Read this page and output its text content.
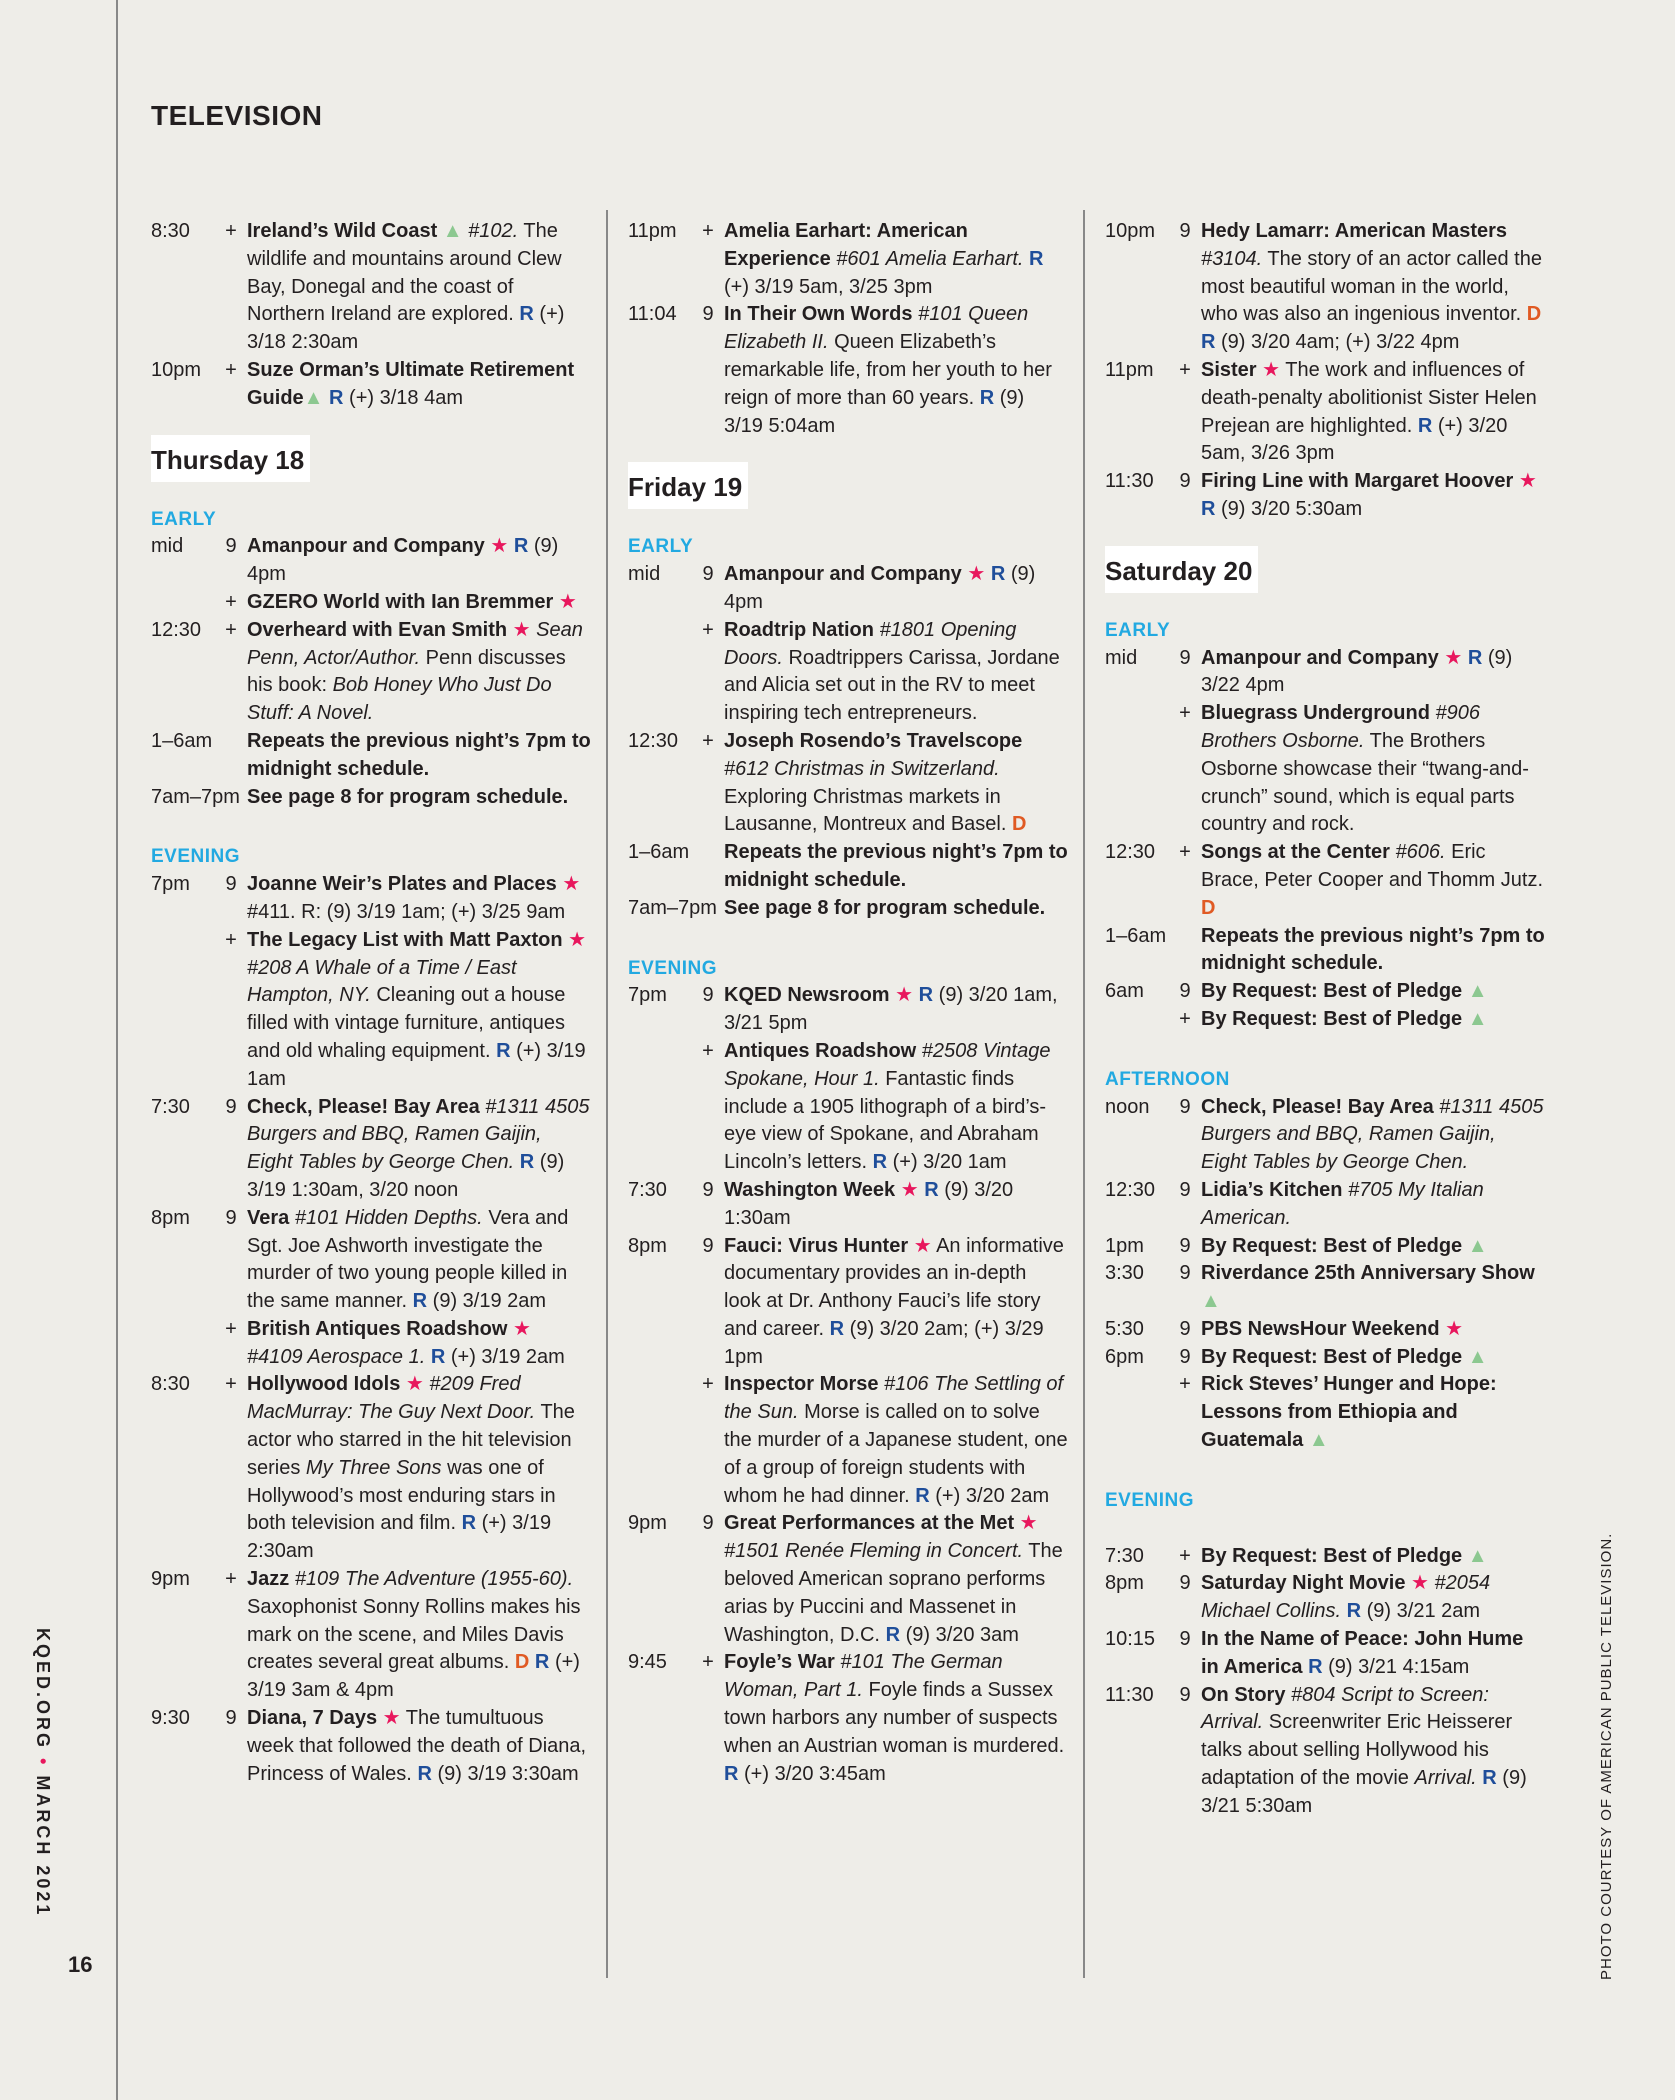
KQED.ORG • MARCH 2021
16	PHOTO COURTESY OF AMERICAN PUBLIC TELEVISION.
TELEVISION
8:30	+ Ireland’s Wild Coast ▲ #102. The wildlife and mountains around Clew Bay, Donegal and the coast of Northern Ireland are explored. R (+) 3/18 2:30am
10pm	+ Suze Orman’s Ultimate Retirement Guide▲ R (+) 3/18 4am
Thursday 18
EARLY
mid	9 Amanpour and Company ★ R (9) 4pm
+ GZERO World with Ian Bremmer ★
12:30	+ Overheard with Evan Smith ★ Sean Penn, Actor/Author. Penn discusses his book: Bob Honey Who Just Do Stuff: A Novel.
1–6am	Repeats the previous night’s 7pm to midnight schedule.
7am–7pm See page 8 for program schedule.
EVENING
7pm	9 Joanne Weir’s Plates and Places ★ #411. R: (9) 3/19 1am; (+) 3/25 9am
+ The Legacy List with Matt Paxton ★ #208 A Whale of a Time / East Hampton, NY. Cleaning out a house filled with vintage furniture, antiques and old whaling equipment. R (+) 3/19 1am
7:30	9 Check, Please! Bay Area #1311 4505 Burgers and BBQ, Ramen Gaijin, Eight Tables by George Chen. R (9) 3/19 1:30am, 3/20 noon
8pm	9 Vera #101 Hidden Depths. Vera and Sgt. Joe Ashworth investigate the murder of two young people killed in the same manner. R (9) 3/19 2am
+ British Antiques Roadshow ★ #4109 Aerospace 1. R (+) 3/19 2am
8:30	+ Hollywood Idols ★ #209 Fred MacMurray: The Guy Next Door. The actor who starred in the hit television series My Three Sons was one of Hollywood’s most enduring stars in both television and film. R (+) 3/19 2:30am
9pm	+ Jazz #109 The Adventure (1955-60). Saxophonist Sonny Rollins makes his mark on the scene, and Miles Davis creates several great albums. D R (+) 3/19 3am & 4pm
9:30	9 Diana, 7 Days ★ The tumultuous week that followed the death of Diana, Princess of Wales. R (9) 3/19 3:30am
11pm	+ Amelia Earhart: American Experience #601 Amelia Earhart. R (+) 3/19 5am, 3/25 3pm
11:04	9 In Their Own Words #101 Queen Elizabeth II. Queen Elizabeth’s remarkable life, from her youth to her reign of more than 60 years. R (9) 3/19 5:04am
Friday 19
EARLY
mid	9 Amanpour and Company ★ R (9) 4pm
+ Roadtrip Nation #1801 Opening Doors. Roadtrippers Carissa, Jordane and Alicia set out in the RV to meet inspiring tech entrepreneurs.
12:30	+ Joseph Rosendo’s Travelscope #612 Christmas in Switzerland. Exploring Christmas markets in Lausanne, Montreux and Basel. D
1–6am	Repeats the previous night’s 7pm to midnight schedule.
7am–7pm See page 8 for program schedule.
EVENING
7pm	9 KQED Newsroom ★ R (9) 3/20 1am, 3/21 5pm
+ Antiques Roadshow #2508 Vintage Spokane, Hour 1. Fantastic finds include a 1905 lithograph of a bird’s-eye view of Spokane, and Abraham Lincoln’s letters. R (+) 3/20 1am
7:30	9 Washington Week ★ R (9) 3/20 1:30am
8pm	9 Fauci: Virus Hunter ★ An informative documentary provides an in-depth look at Dr. Anthony Fauci’s life story and career. R (9) 3/20 2am; (+) 3/29 1pm
+ Inspector Morse #106 The Settling of the Sun. Morse is called on to solve the murder of a Japanese student, one of a group of foreign students with whom he had dinner. R (+) 3/20 2am
9pm	9 Great Performances at the Met ★ #1501 Renée Fleming in Concert. The beloved American soprano performs arias by Puccini and Massenet in Washington, D.C. R (9) 3/20 3am
9:45	+ Foyle’s War #101 The German Woman, Part 1. Foyle finds a Sussex town harbors any number of suspects when an Austrian woman is murdered. R (+) 3/20 3:45am
10pm	9 Hedy Lamarr: American Masters #3104. The story of an actor called the most beautiful woman in the world, who was also an ingenious inventor. D R (9) 3/20 4am; (+) 3/22 4pm
11pm	+ Sister ★ The work and influences of death-penalty abolitionist Sister Helen Prejean are highlighted. R (+) 3/20 5am, 3/26 3pm
11:30	9 Firing Line with Margaret Hoover ★ R (9) 3/20 5:30am
Saturday 20
EARLY
mid	9 Amanpour and Company ★ R (9) 3/22 4pm
+ Bluegrass Underground #906 Brothers Osborne. The Brothers Osborne showcase their “twang-and-crunch” sound, which is equal parts country and rock.
12:30	+ Songs at the Center #606. Eric Brace, Peter Cooper and Thomm Jutz. D
1–6am	Repeats the previous night’s 7pm to midnight schedule.
6am	9 By Request: Best of Pledge ▲
+ By Request: Best of Pledge ▲
AFTERNOON
noon	9 Check, Please! Bay Area #1311 4505 Burgers and BBQ, Ramen Gaijin, Eight Tables by George Chen.
12:30	9 Lidia’s Kitchen #705 My Italian American.
1pm	9 By Request: Best of Pledge ▲
3:30	9 Riverdance 25th Anniversary Show ▲
5:30	9 PBS NewsHour Weekend ★
6pm	9 By Request: Best of Pledge ▲
+ Rick Steves’ Hunger and Hope: Lessons from Ethiopia and Guatemala ▲
EVENING
7:30	+ By Request: Best of Pledge ▲
8pm	9 Saturday Night Movie ★ #2054 Michael Collins. R (9) 3/21 2am
10:15	9 In the Name of Peace: John Hume in America R (9) 3/21 4:15am
11:30	9 On Story #804 Script to Screen: Arrival. Screenwriter Eric Heisserer talks about selling Hollywood his adaptation of the movie Arrival. R (9) 3/21 5:30am
